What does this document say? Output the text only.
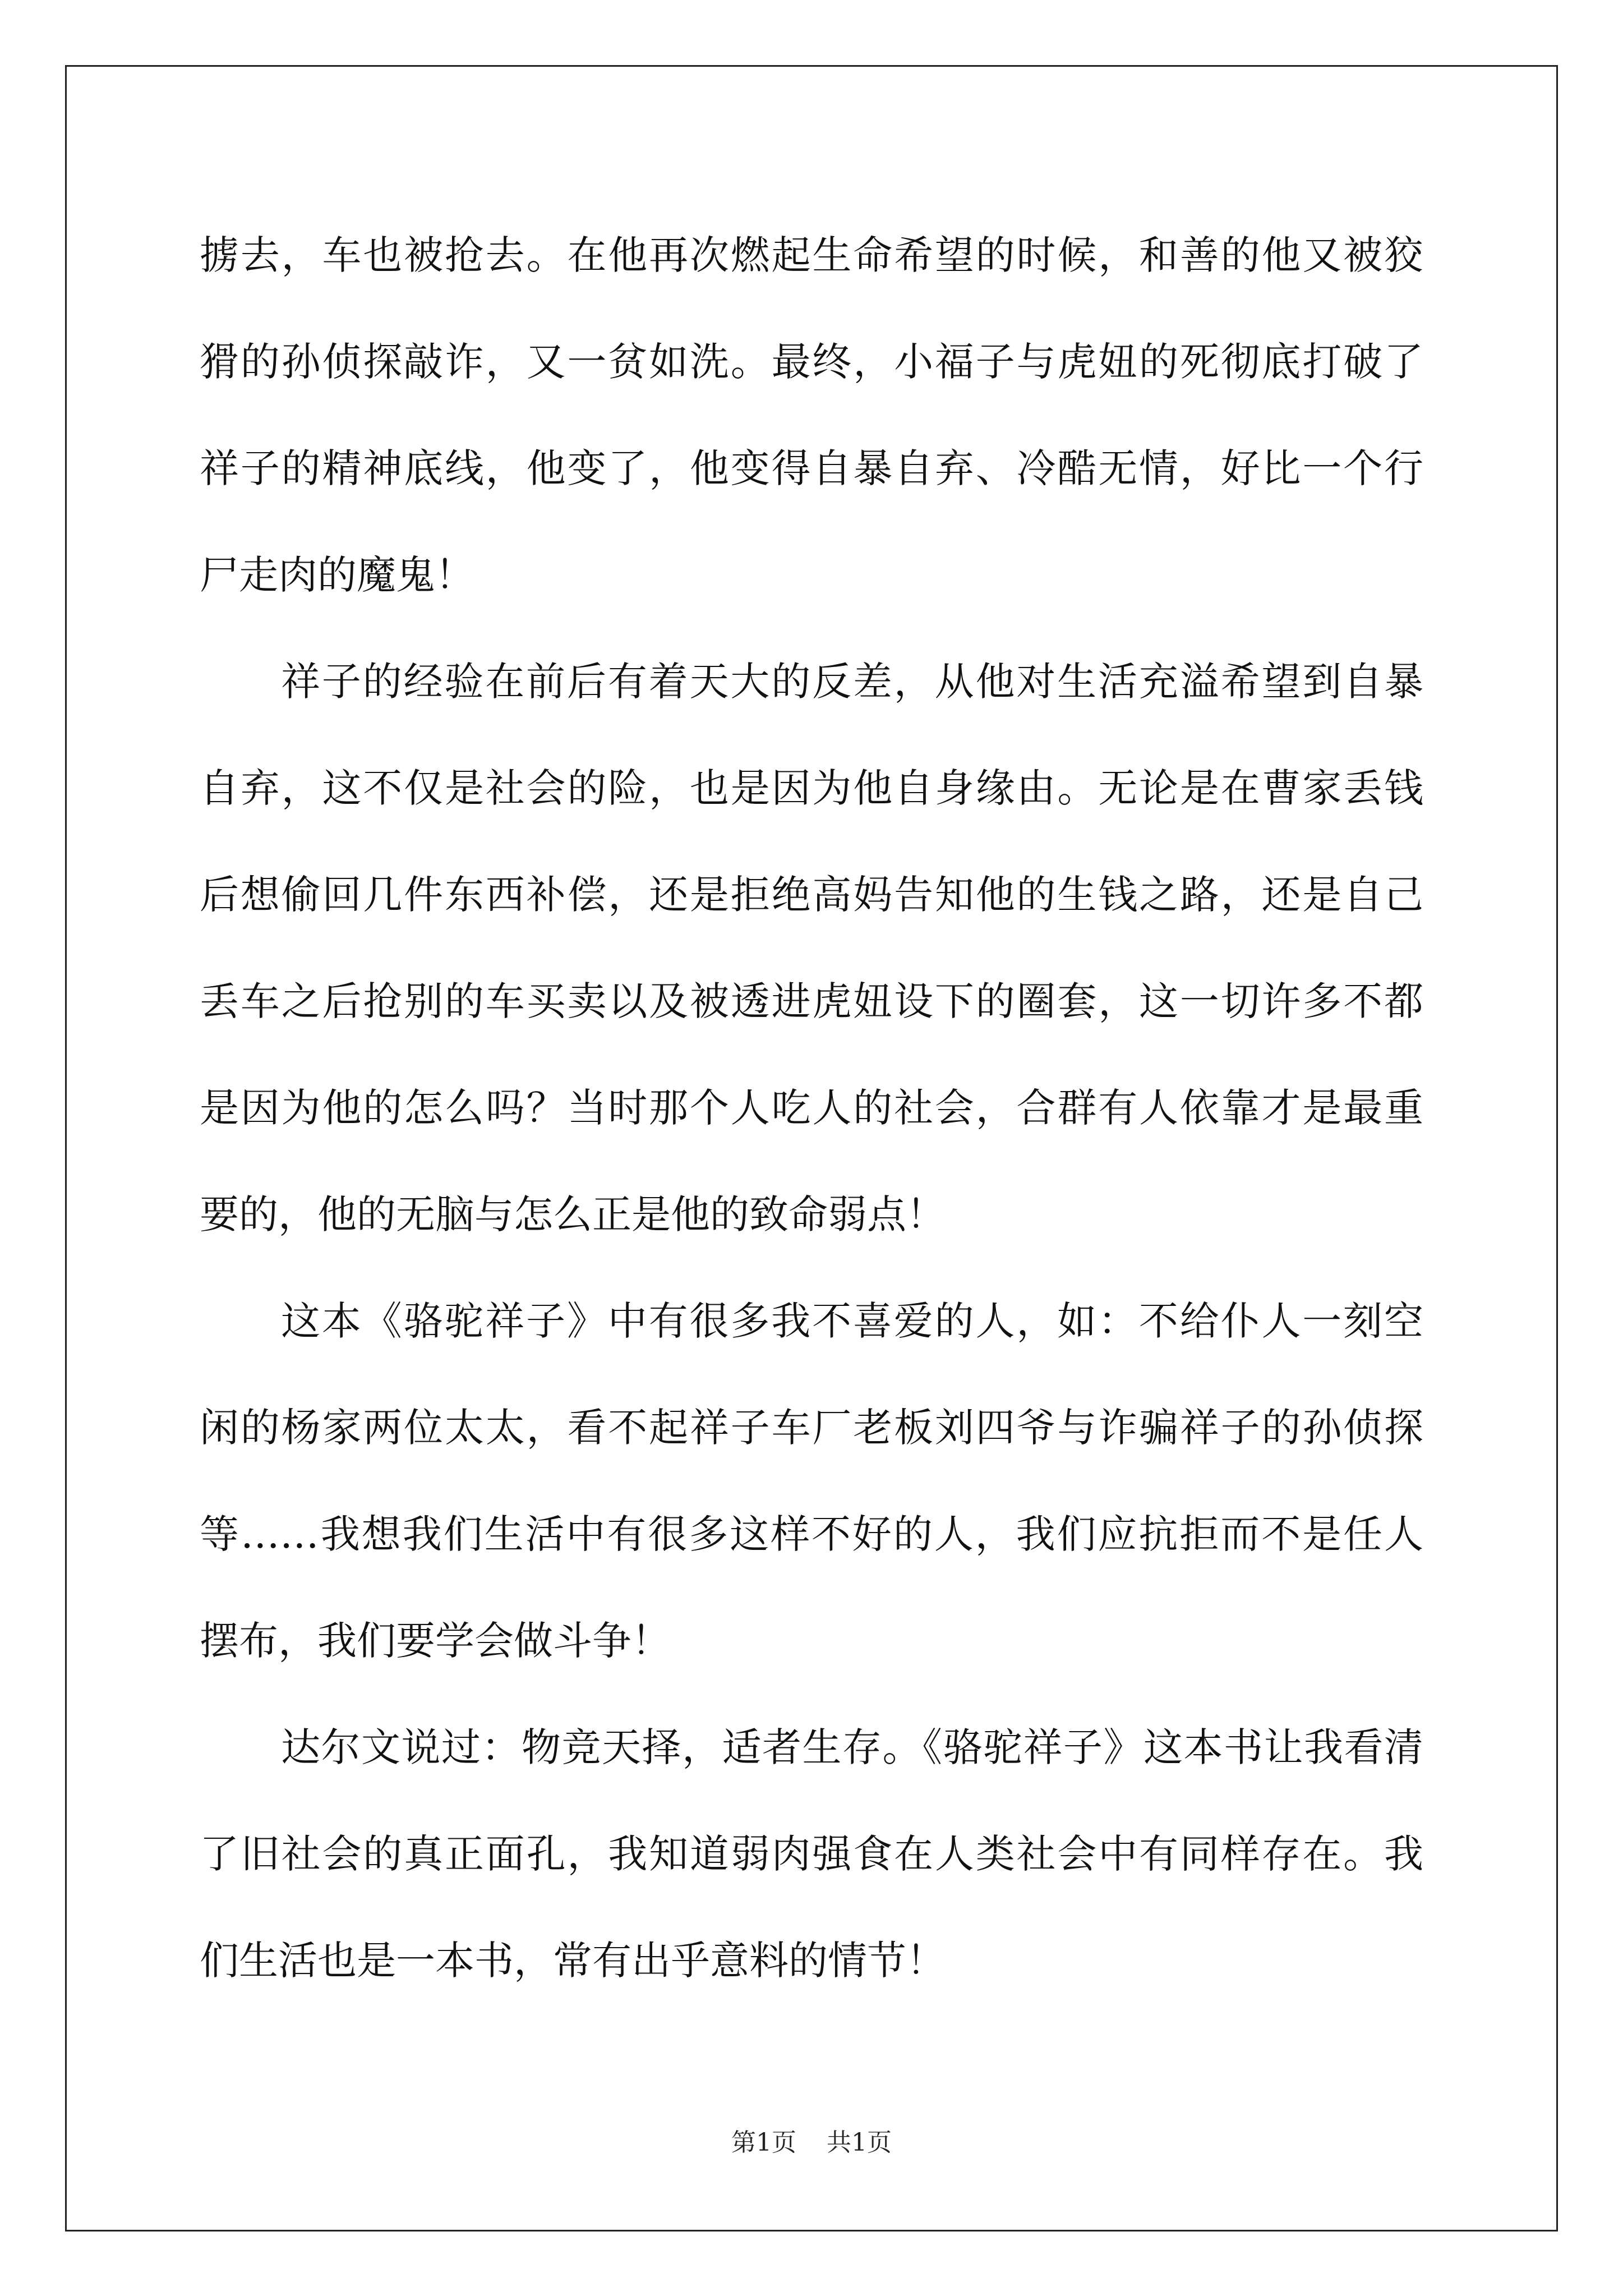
掳去，车也被抢去。在他再次燃起生命希望的时候，和善的他又被狡
猾的孙侦探敲诈，又一贫如洗。最终，小福子与虎妞的死彻底打破了
祥子的精神底线，他变了，他变得自暴自弃、冷酷无情，好比一个行
尸走肉的魔鬼！
祥子的经验在前后有着天大的反差，从他对生活充溢希望到自暴
自弃，这不仅是社会的险，也是因为他自身缘由。无论是在曹家丢钱
后想偷回几件东西补偿，还是拒绝高妈告知他的生钱之路，还是自己
丢车之后抢别的车买卖以及被透进虎妞设下的圈套，这一切许多不都
是因为他的怎么吗？当时那个人吃人的社会，合群有人依靠才是最重
要的，他的无脑与怎么正是他的致命弱点！
这本《骆驼祥子》中有很多我不喜爱的人，如：不给仆人一刻空
闲的杨家两位太太，看不起祥子车厂老板刘四爷与诈骗祥子的孙侦探
等……我想我们生活中有很多这样不好的人，我们应抗拒而不是任人
摆布，我们要学会做斗争！
达尔文说过：物竞天择，适者生存。《骆驼祥子》这本书让我看清
了旧社会的真正面孔，我知道弱肉强食在人类社会中有同样存在。我
们生活也是一本书，常有出乎意料的情节！
第1页 共1页
